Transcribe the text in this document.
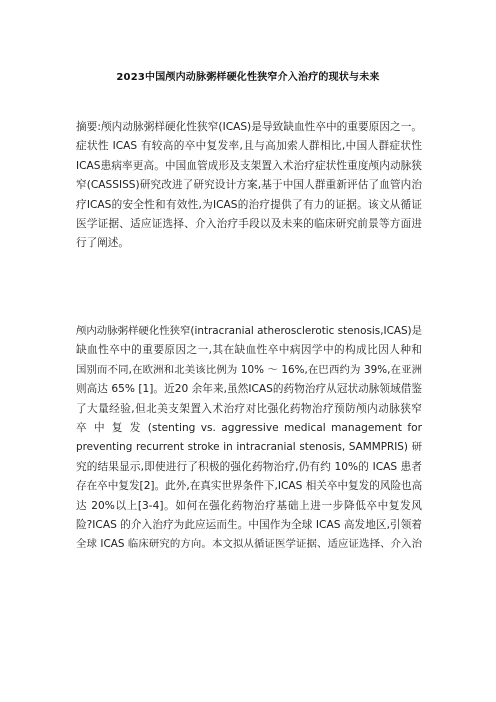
2023中国颅内动脉粥样硬化性狭窄介入治疗的现状与未来
摘要:颅内动脉粥样硬化性狭窄(ICAS)是导致缺血性卒中的重要原因之一。
症状性 ICAS 有较高的卒中复发率,且与高加索人群相比,中国人群症状性
ICAS患病率更高。中国血管成形及支架置入术治疗症状性重度颅内动脉狭
窄(CASSISS)研究改进了研究设计方案,基于中国人群重新评估了血管内治
疗ICAS的安全性和有效性,为ICAS的治疗提供了有力的证据。该文从循证
医学证据、适应证选择、介入治疗手段以及未来的临床研究前景等方面进
行了阐述。
颅内动脉粥样硬化性狭窄(intracranial atherosclerotic stenosis,ICAS)是
缺血性卒中的重要原因之一,其在缺血性卒中病因学中的构成比因人种和
国别而不同,在欧洲和北美该比例为 10% ～ 16%,在巴西约为 39%,在亚洲
则高达 65% [1]。近20 余年来,虽然ICAS的药物治疗从冠状动脉领域借鉴
了大量经验,但北美支架置入术治疗对比强化药物治疗预防颅内动脉狭窄
卒 中 复 发 (stenting vs. aggressive medical management for
preventing recurrent stroke in intracranial stenosis, SAMMPRIS) 研
究的结果显示,即使进行了积极的强化药物治疗,仍有约 10%的 ICAS 患者
存在卒中复发[2]。此外,在真实世界条件下,ICAS 相关卒中复发的风险也高
达 20%以上[3-4]。如何在强化药物治疗基础上进一步降低卒中复发风
险?ICAS 的介入治疗为此应运而生。中国作为全球 ICAS 高发地区,引领着
全球 ICAS 临床研究的方向。本文拟从循证医学证据、适应证选择、介入治
